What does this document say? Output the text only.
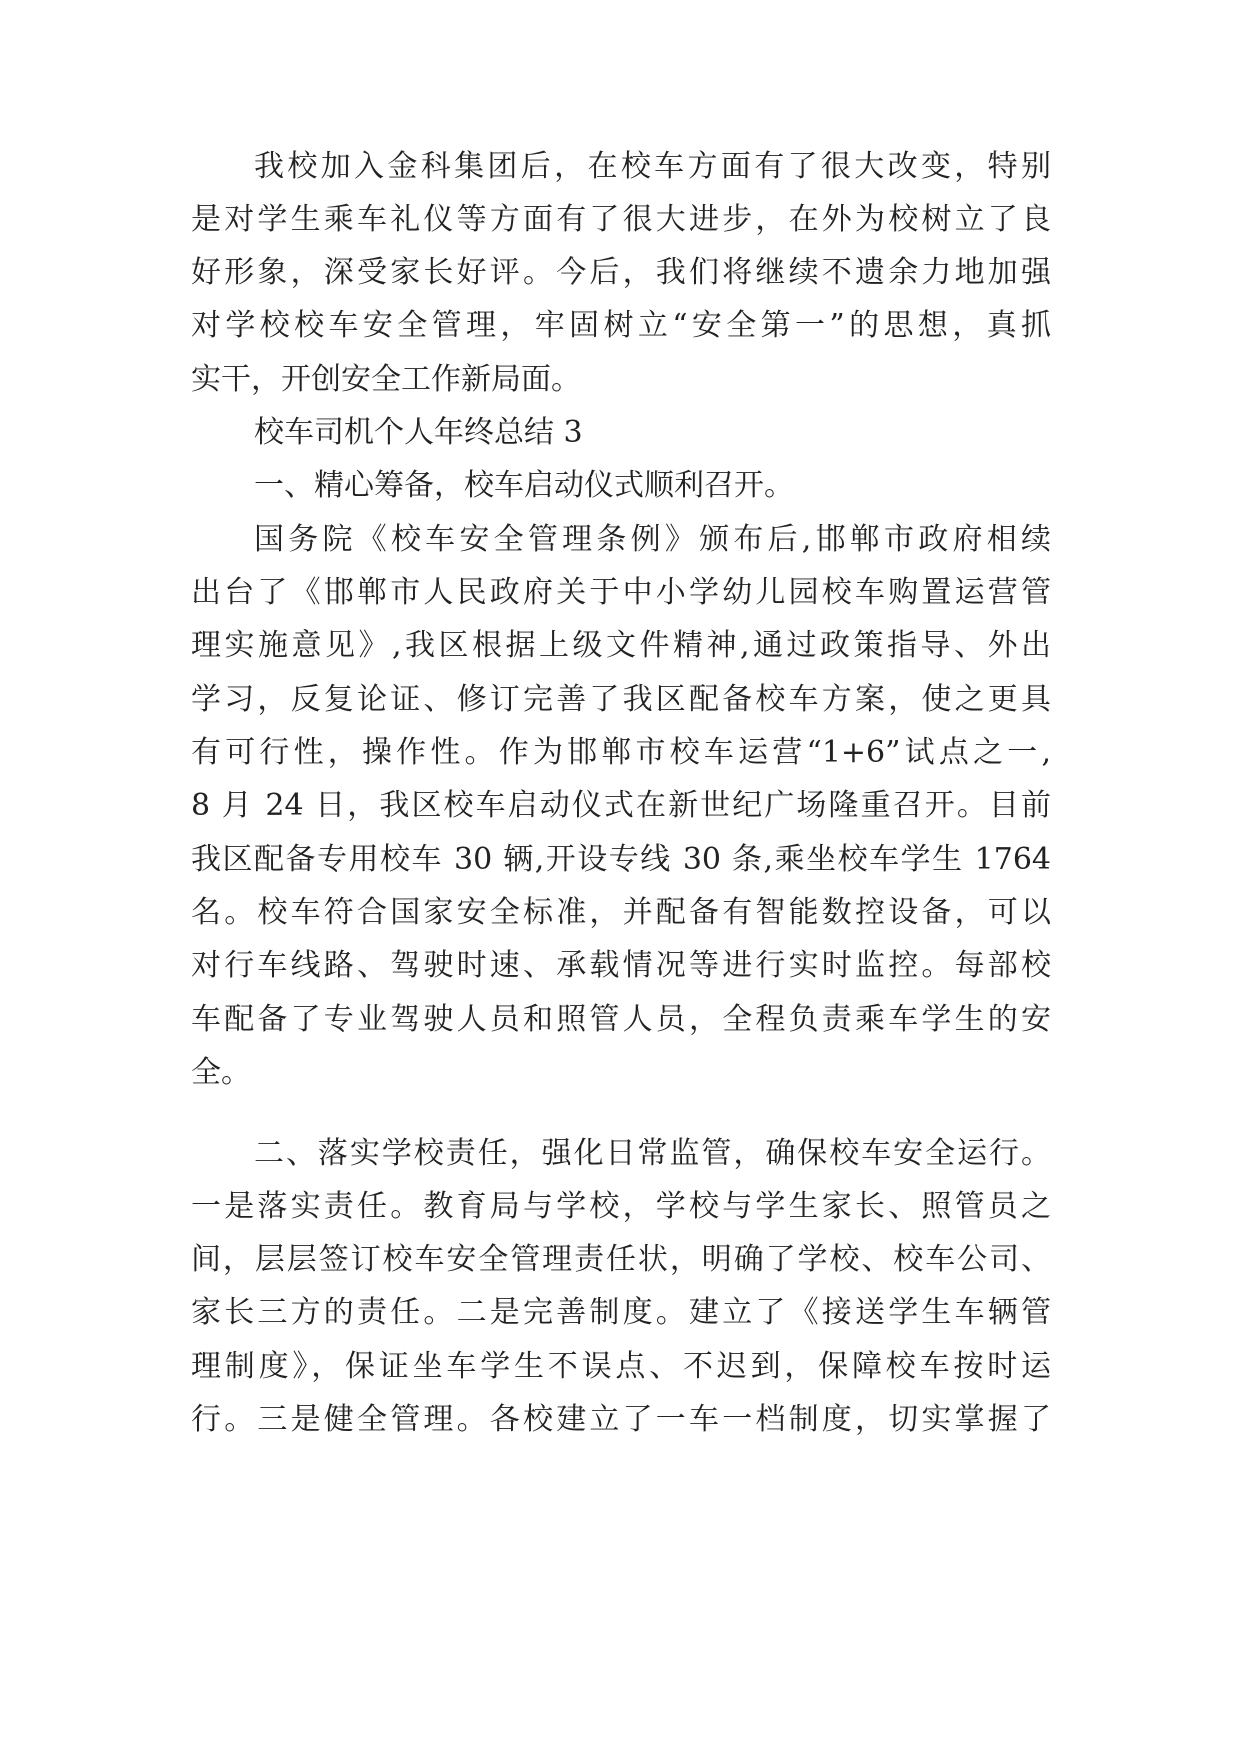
我校加入金科集团后，在校车方面有了很大改变，特别
是对学生乘车礼仪等方面有了很大进步，在外为校树立了良
好形象，深受家长好评。今后，我们将继续不遗余力地加强
对学校校车安全管理，牢固树立“安全第一”的思想，真抓
实干，开创安全工作新局面。
校车司机个人年终总结 3
一、精心筹备，校车启动仪式顺利召开。
国务院《校车安全管理条例》颁布后,邯郸市政府相续
出台了《邯郸市人民政府关于中小学幼儿园校车购置运营管
理实施意见》,我区根据上级文件精神,通过政策指导、外出
学习，反复论证、修订完善了我区配备校车方案，使之更具
有可行性，操作性。作为邯郸市校车运营“1+6”试点之一,
8 月 24 日，我区校车启动仪式在新世纪广场隆重召开。目前
我区配备专用校车 30 辆,开设专线 30 条,乘坐校车学生 1764
名。校车符合国家安全标准，并配备有智能数控设备，可以
对行车线路、驾驶时速、承载情况等进行实时监控。每部校
车配备了专业驾驶人员和照管人员，全程负责乘车学生的安
全。
二、落实学校责任，强化日常监管，确保校车安全运行。
一是落实责任。教育局与学校，学校与学生家长、照管员之
间，层层签订校车安全管理责任状，明确了学校、校车公司、
家长三方的责任。二是完善制度。建立了《接送学生车辆管
理制度》，保证坐车学生不误点、不迟到，保障校车按时运
行。三是健全管理。各校建立了一车一档制度，切实掌握了
